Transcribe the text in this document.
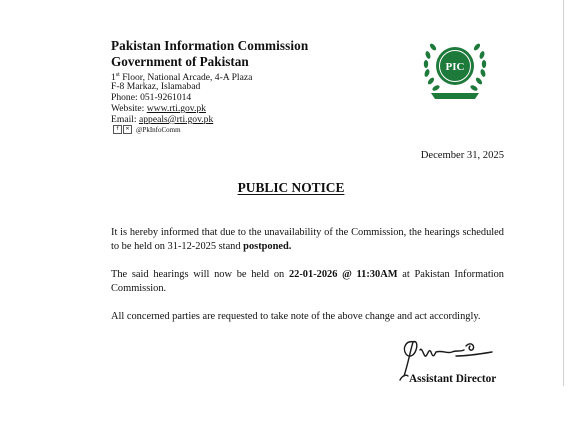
Pakistan Information Commission
Government of Pakistan
1st Floor, National Arcade, 4-A Plaza
F-8 Markaz, Islamabad
Phone: 051-9261014
Website: www.rti.gov.pk
Email: appeals@rti.gov.pk
f	✕ @PkInfoComm
PIC
December 31, 2025
PUBLIC NOTICE
It is hereby informed that due to the unavailability of the Commission, the hearings scheduled to be held on 31-12-2025 stand postponed.
The said hearings will now be held on 22-01-2026 @ 11:30AM at Pakistan Information Commission.
All concerned parties are requested to take note of the above change and act accordingly.
Assistant Director
